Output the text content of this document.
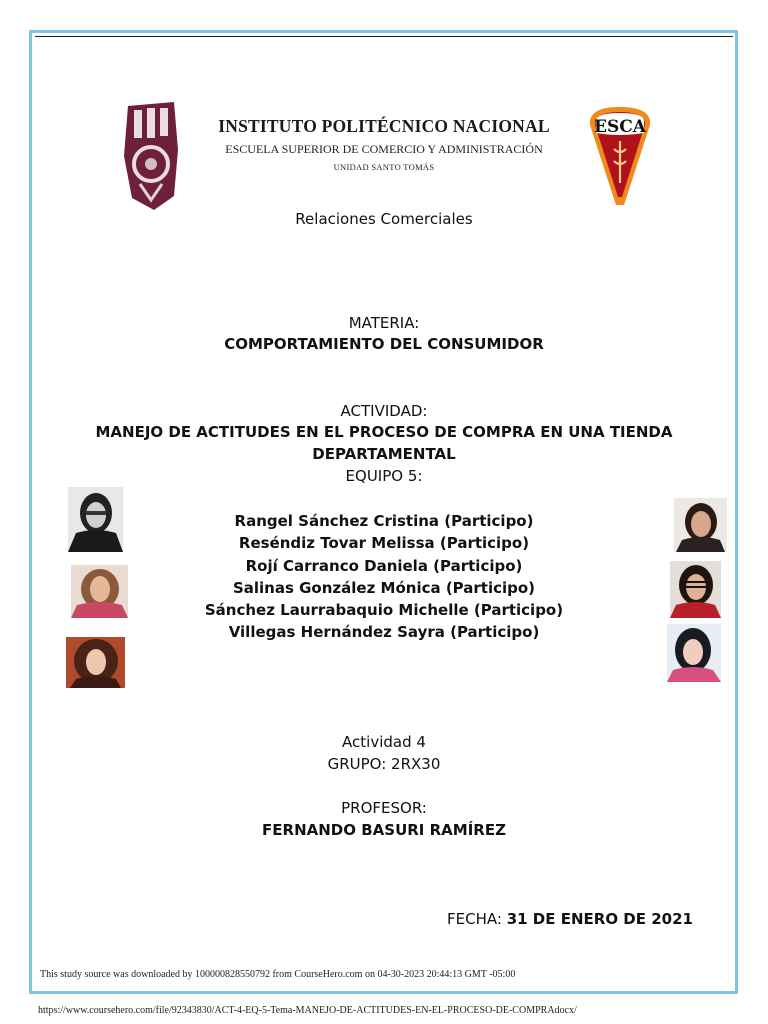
INSTITUTO POLITÉCNICO NACIONAL
ESCUELA SUPERIOR DE COMERCIO Y ADMINISTRACIÓN
UNIDAD SANTO TOMÁS
ESCA
Relaciones Comerciales
MATERIA:
COMPORTAMIENTO DEL CONSUMIDOR
ACTIVIDAD:
MANEJO DE ACTITUDES EN EL PROCESO DE COMPRA EN UNA TIENDA
DEPARTAMENTAL
EQUIPO 5:
Rangel Sánchez Cristina (Participo)
Reséndiz Tovar Melissa (Participo)
Rojí Carranco Daniela (Participo)
Salinas González Mónica (Participo)
Sánchez Laurrabaquio Michelle (Participo)
Villegas Hernández Sayra (Participo)
Actividad 4
GRUPO: 2RX30
PROFESOR:
FERNANDO BASURI RAMÍREZ
FECHA: 31 DE ENERO DE 2021
This study source was downloaded by 100000828550792 from CourseHero.com on 04-30-2023 20:44:13 GMT -05:00
https://www.coursehero.com/file/92343830/ACT-4-EQ-5-Tema-MANEJO-DE-ACTITUDES-EN-EL-PROCESO-DE-COMPRAdocx/
